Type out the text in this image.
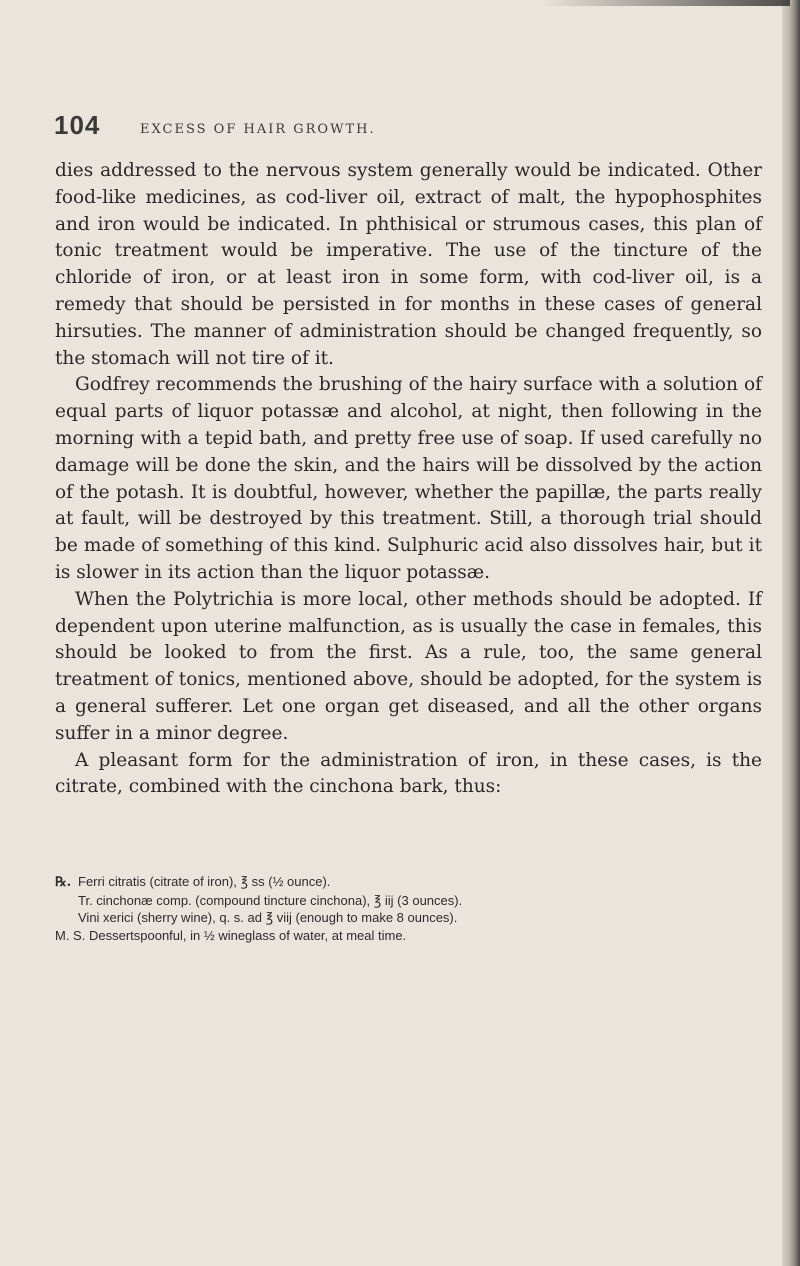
104	EXCESS OF HAIR GROWTH.

dies addressed to the nervous system generally would be indicated. Other food-like medicines, as cod-liver oil, extract of malt, the hypophosphites and iron would be indicated. In phthisical or strumous cases, this plan of tonic treatment would be imperative. The use of the tincture of the chloride of iron, or at least iron in some form, with cod-liver oil, is a remedy that should be persisted in for months in these cases of general hirsuties. The manner of administration should be changed frequently, so the stomach will not tire of it.

Godfrey recommends the brushing of the hairy surface with a solution of equal parts of liquor potassæ and alcohol, at night, then following in the morning with a tepid bath, and pretty free use of soap. If used carefully no damage will be done the skin, and the hairs will be dissolved by the action of the potash. It is doubtful, however, whether the papillæ, the parts really at fault, will be destroyed by this treatment. Still, a thorough trial should be made of something of this kind. Sulphuric acid also dissolves hair, but it is slower in its action than the liquor potassæ.

When the Polytrichia is more local, other methods should be adopted. If dependent upon uterine malfunction, as is usually the case in females, this should be looked to from the first. As a rule, too, the same general treatment of tonics, mentioned above, should be adopted, for the system is a general sufferer. Let one organ get diseased, and all the other organs suffer in a minor degree.

A pleasant form for the administration of iron, in these cases, is the citrate, combined with the cinchona bark, thus:

℞. Ferri citratis (citrate of iron), ℥ ss (½ ounce).
Tr. cinchonæ comp. (compound tincture cinchona), ℥ iij (3 ounces).
Vini xerici (sherry wine), q. s. ad ℥ viij (enough to make 8 ounces).
M. S. Dessertspoonful, in ½ wineglass of water, at meal time.
